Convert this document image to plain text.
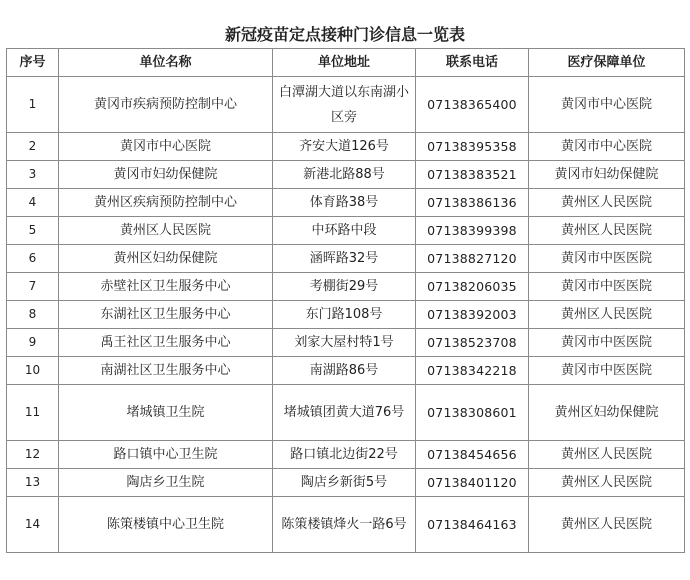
新冠疫苗定点接种门诊信息一览表
序号	单位名称	单位地址	联系电话	医疗保障单位
1	黄冈市疾病预防控制中心	白潭湖大道以东南湖小区旁	07138365400	黄冈市中心医院
2	黄冈市中心医院	齐安大道126号	07138395358	黄冈市中心医院
3	黄冈市妇幼保健院	新港北路88号	07138383521	黄冈市妇幼保健院
4	黄州区疾病预防控制中心	体育路38号	07138386136	黄州区人民医院
5	黄州区人民医院	中环路中段	07138399398	黄州区人民医院
6	黄州区妇幼保健院	涵晖路32号	07138827120	黄冈市中医医院
7	赤壁社区卫生服务中心	考棚街29号	07138206035	黄冈市中医医院
8	东湖社区卫生服务中心	东门路108号	07138392003	黄州区人民医院
9	禹王社区卫生服务中心	刘家大屋村特1号	07138523708	黄冈市中医医院
10	南湖社区卫生服务中心	南湖路86号	07138342218	黄冈市中医医院
11	堵城镇卫生院	堵城镇团黄大道76号	07138308601	黄州区妇幼保健院
12	路口镇中心卫生院	路口镇北边街22号	07138454656	黄州区人民医院
13	陶店乡卫生院	陶店乡新街5号	07138401120	黄州区人民医院
14	陈策楼镇中心卫生院	陈策楼镇烽火一路6号	07138464163	黄州区人民医院
